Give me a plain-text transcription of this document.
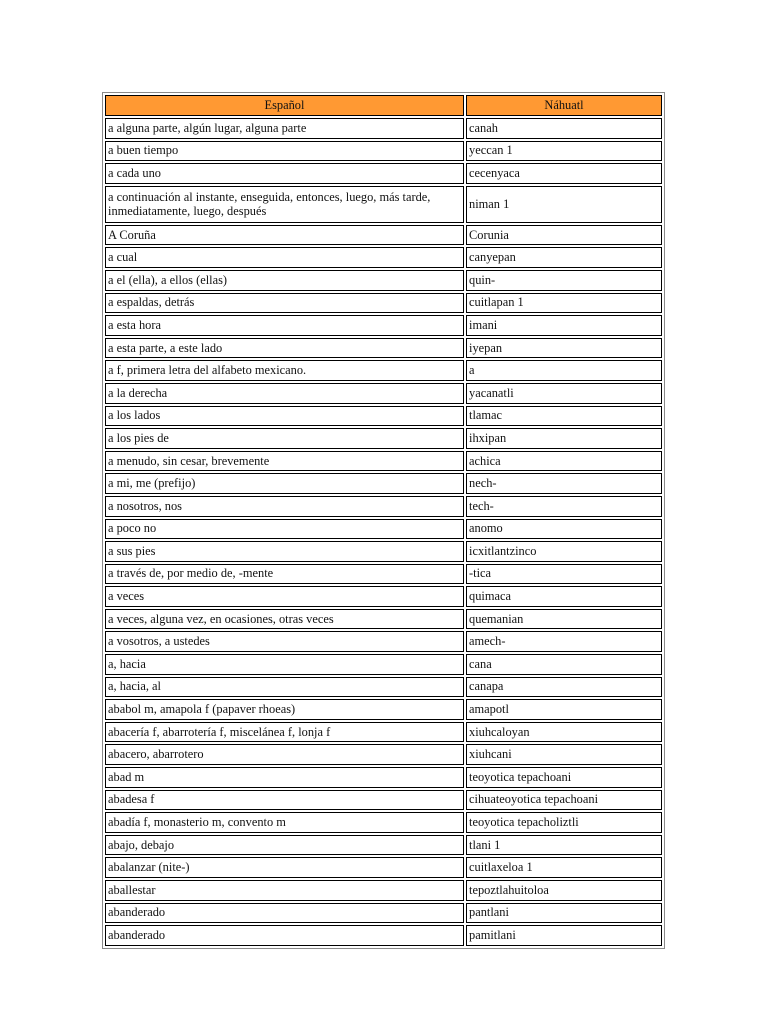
Español	Náhuatl
a alguna parte, algún lugar, alguna parte	canah
a buen tiempo	yeccan 1
a cada uno	cecenyaca
a continuación al instante, enseguida, entonces, luego, más tarde, inmediatamente, luego, después	niman 1
A Coruña	Corunia
a cual	canyepan
a el (ella), a ellos (ellas)	quin-
a espaldas, detrás	cuitlapan 1
a esta hora	imani
a esta parte, a este lado	iyepan
a f, primera letra del alfabeto mexicano.	a
a la derecha	yacanatli
a los lados	tlamac
a los pies de	ihxipan
a menudo, sin cesar, brevemente	achica
a mi, me (prefijo)	nech-
a nosotros, nos	tech-
a poco no	anomo
a sus pies	icxitlantzinco
a través de, por medio de, -mente	-tica
a veces	quimaca
a veces, alguna vez, en ocasiones, otras veces	quemanian
a vosotros, a ustedes	amech-
a, hacia	cana
a, hacia, al	canapa
ababol m, amapola f (papaver rhoeas)	amapotl
abacería f, abarrotería f, miscelánea f, lonja f	xiuhcaloyan
abacero, abarrotero	xiuhcani
abad m	teoyotica tepachoani
abadesa f	cihuateoyotica tepachoani
abadía f, monasterio m, convento m	teoyotica tepacholiztli
abajo, debajo	tlani 1
abalanzar (nite-)	cuitlaxeloa 1
aballestar	tepoztlahuitoloa
abanderado	pantlani
abanderado	pamitlani
